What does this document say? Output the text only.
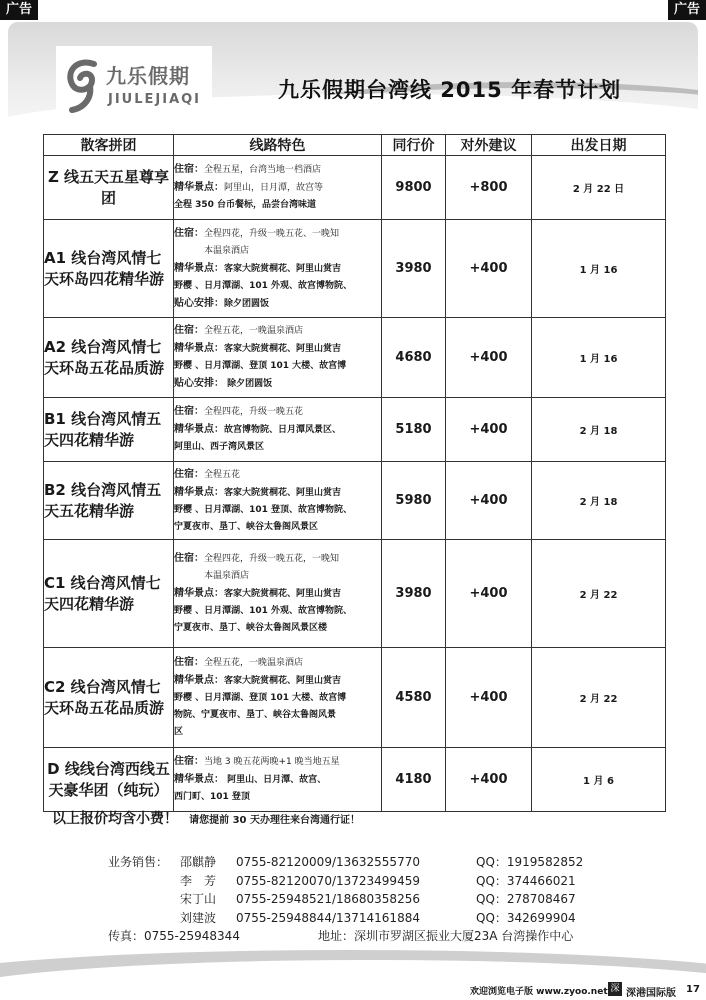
广告	广告
九乐假期
JIULEJIAQI	九乐假期台湾线 2015 年春节计划
散客拼团	线路特色	同行价	对外建议	出发日期
Z 线五天五星尊享团	住宿：全程五星，台湾当地一档酒店
精华景点：阿里山，日月潭，故宫等
全程 350 台币餐标，品尝台湾味道	9800	+800	2 月 22 日
A1 线台湾风情七天环岛四花精华游	住宿：全程四花，升级一晚五花、一晚知
本温泉酒店
精华景点：客家大院赏桐花、阿里山赏吉
野樱 、日月潭湖、101 外观、故宫博物院、
贴心安排：除夕团圆饭	3980	+400	1 月 16
A2 线台湾风情七天环岛五花品质游	住宿：全程五花，一晚温泉酒店
精华景点：客家大院赏桐花、阿里山赏吉
野樱 、日月潭湖、登顶 101 大楼、故宫博
贴心安排： 除夕团圆饭	4680	+400	1 月 16
B1 线台湾风情五天四花精华游	住宿：全程四花，升级一晚五花
精华景点：故宫博物院、日月潭风景区、
阿里山、西子湾风景区	5180	+400	2 月 18
B2 线台湾风情五天五花精华游	住宿：全程五花
精华景点：客家大院赏桐花、阿里山赏吉
野樱 、日月潭湖、101 登顶、故宫博物院、
宁夏夜市、垦丁、峡谷太鲁阁风景区	5980	+400	2 月 18
C1 线台湾风情七天四花精华游	住宿：全程四花，升级一晚五花，一晚知
本温泉酒店
精华景点：客家大院赏桐花、阿里山赏吉
野樱 、日月潭湖、101 外观、故宫博物院、
宁夏夜市、垦丁、峡谷太鲁阁风景区楼	3980	+400	2 月 22
C2 线台湾风情七天环岛五花品质游	住宿：全程五花，一晚温泉酒店
精华景点：客家大院赏桐花、阿里山赏吉
野樱 、日月潭湖、登顶 101 大楼、故宫博
物院、宁夏夜市、垦丁、峡谷太鲁阁风景
区	4580	+400	2 月 22
D 线线台湾西线五天豪华团（纯玩）	住宿：当地 3 晚五花两晚+1 晚当地五星
精华景点： 阿里山、日月潭、故宫、
西门町、101 登顶	4180	+400	1 月 6
以上报价均含小费！ 请您提前 30 天办理往来台湾通行证！
业务销售： 邵麒静 0755-82120009/13632555770	QQ：1919582852
李　芳 0755-82120070/13723499459	QQ：374466021
宋丁山 0755-25948521/18680358256	QQ：278708467
刘建波 0755-25948844/13714161884	QQ：342699904
传真：0755-25948344	地址：深圳市罗湖区振业大厦23A 台湾操作中心
欢迎浏览电子版 www.zyoo.net 深 深港国际版 17
